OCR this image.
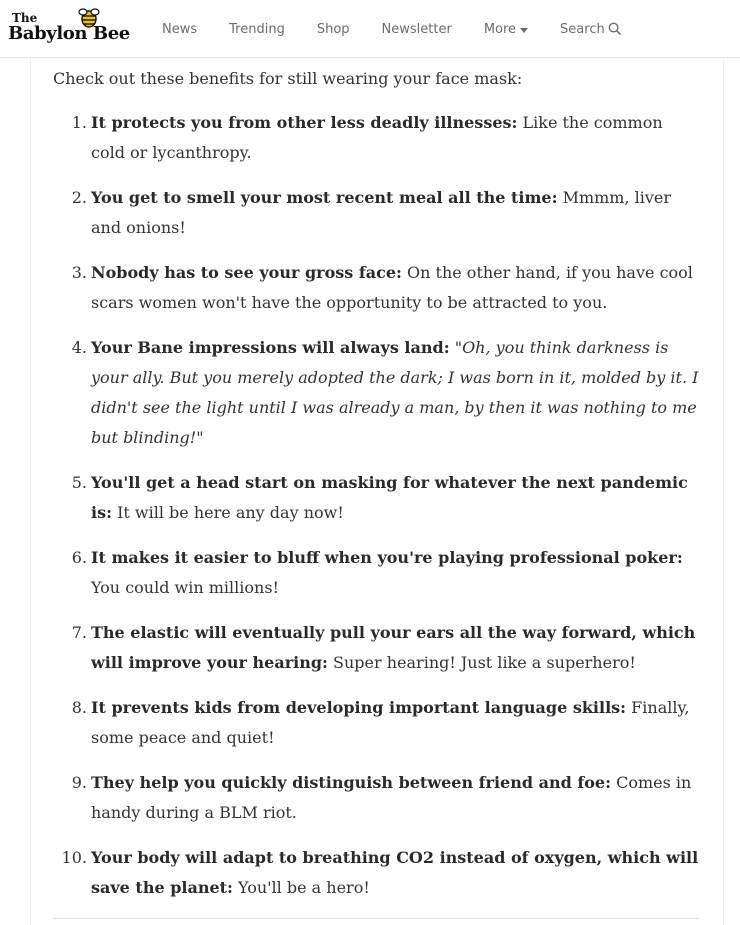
The
Babylon Bee News Trending Shop Newsletter More	Search

Check out these benefits for still wearing your face mask:

1. It protects you from other less deadly illnesses: Like the common cold or lycanthropy.
2. You get to smell your most recent meal all the time: Mmmm, liver and onions!
3. Nobody has to see your gross face: On the other hand, if you have cool scars women won't have the opportunity to be attracted to you.
4. Your Bane impressions will always land: "Oh, you think darkness is your ally. But you merely adopted the dark; I was born in it, molded by it. I didn't see the light until I was already a man, by then it was nothing to me but blinding!"
5. You'll get a head start on masking for whatever the next pandemic is: It will be here any day now!
6. It makes it easier to bluff when you're playing professional poker: You could win millions!
7. The elastic will eventually pull your ears all the way forward, which will improve your hearing: Super hearing! Just like a superhero!
8. It prevents kids from developing important language skills: Finally, some peace and quiet!
9. They help you quickly distinguish between friend and foe: Comes in handy during a BLM riot.
10. Your body will adapt to breathing CO2 instead of oxygen, which will save the planet: You'll be a hero!
